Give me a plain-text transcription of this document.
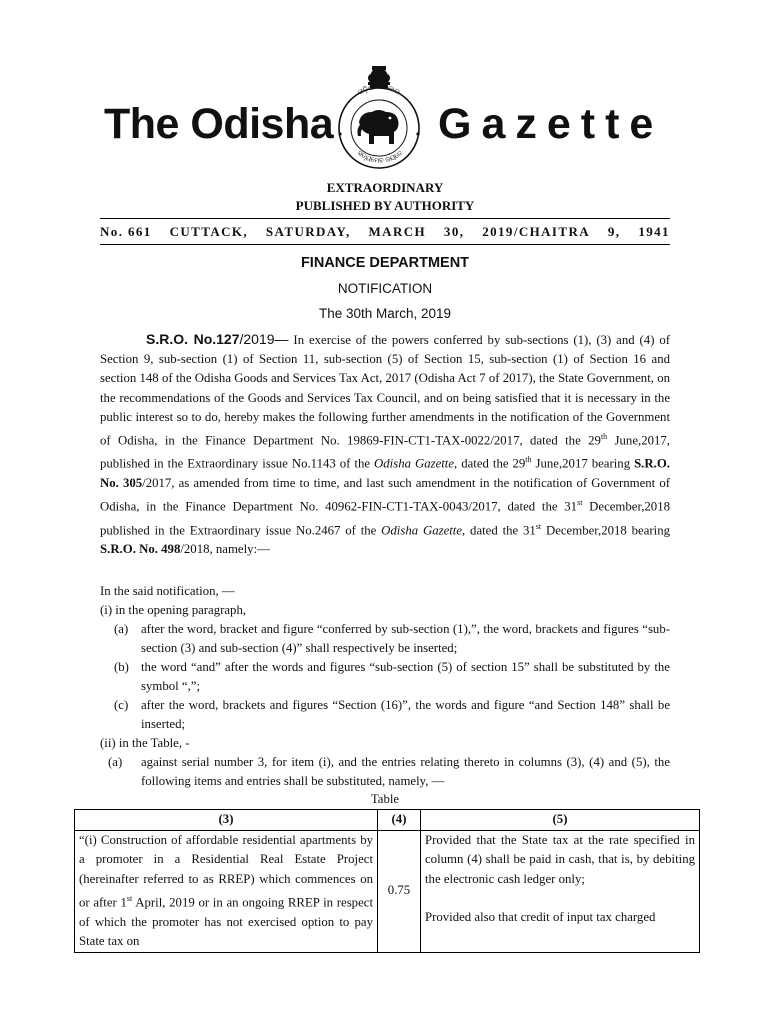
The Odisha
ଓଡ଼ିଶା ସରକାର
ସତ୍ୟମେବ ଜୟତେ
Gazette
EXTRAORDINARY
PUBLISHED BY AUTHORITY
No. 661 CUTTACK, SATURDAY, MARCH 30, 2019/CHAITRA 9, 1941
FINANCE DEPARTMENT
NOTIFICATION
The 30th March, 2019
S.R.O. No.127/2019— In exercise of the powers conferred by sub-sections (1), (3) and (4) of Section 9, sub-section (1) of Section 11, sub-section (5) of Section 15, sub-section (1) of Section 16 and section 148 of the Odisha Goods and Services Tax Act, 2017 (Odisha Act 7 of 2017), the State Government, on the recommendations of the Goods and Services Tax Council, and on being satisfied that it is necessary in the public interest so to do, hereby makes the following further amendments in the notification of the Government of Odisha, in the Finance Department No. 19869-FIN-CT1-TAX-0022/2017, dated the 29th June,2017, published in the Extraordinary issue No.1143 of the Odisha Gazette, dated the 29th June,2017 bearing S.R.O. No. 305/2017, as amended from time to time, and last such amendment in the notification of Government of Odisha, in the Finance Department No. 40962-FIN-CT1-TAX-0043/2017, dated the 31st December,2018 published in the Extraordinary issue No.2467 of the Odisha Gazette, dated the 31st December,2018 bearing S.R.O. No. 498/2018, namely:—
In the said notification, —
(i) in the opening paragraph,
(a) after the word, bracket and figure “conferred by sub-section (1),”, the word, brackets and figures “sub-section (3) and sub-section (4)” shall respectively be inserted;
(b) the word “and” after the words and figures “sub-section (5) of section 15” shall be substituted by the symbol “,”;
(c) after the word, brackets and figures “Section (16)”, the words and figure “and Section 148” shall be inserted;
(ii) in the Table, -
(a) against serial number 3, for item (i), and the entries relating thereto in columns (3), (4) and (5), the following items and entries shall be substituted, namely, —
Table
(3)	(4)	(5)
“(i) Construction of affordable residential apartments by a promoter in a Residential Real Estate Project (hereinafter referred to as RREP) which commences on or after 1st April, 2019 or in an ongoing RREP in respect of which the promoter has not exercised option to pay State tax on	0.75	Provided that the State tax at the rate specified in column (4) shall be paid in cash, that is, by debiting the electronic cash ledger only;
Provided also that credit of input tax charged
